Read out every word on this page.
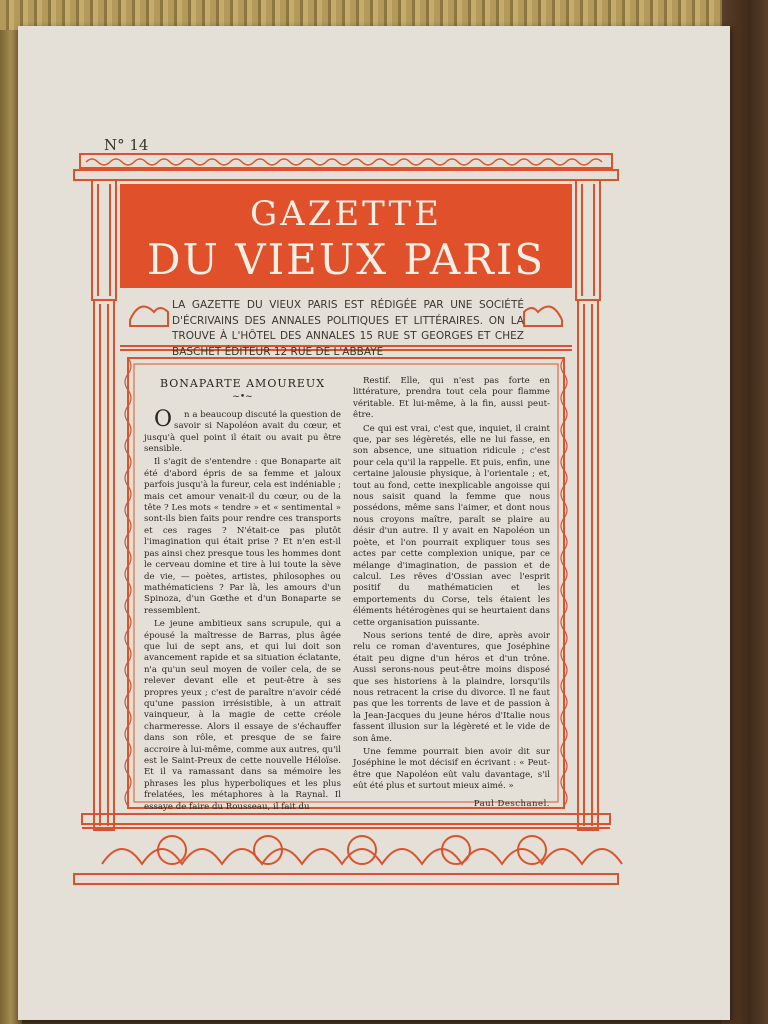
N° 14
GAZETTE
DU VIEUX PARIS
LA GAZETTE DU VIEUX PARIS EST RÉDIGÉE PAR UNE SOCIÉTÉ D'ÉCRIVAINS DES ANNALES POLITIQUES ET LITTÉRAIRES. ON LA TROUVE À L'HÔTEL DES ANNALES 15 RUE ST GEORGES ET CHEZ BASCHET ÉDITEUR 12 RUE DE L'ABBAYE
BONAPARTE AMOUREUX
~•~

O n a beaucoup discuté la question de savoir si Napoléon avait du cœur, et jusqu'à quel point il était ou avait pu être sensible.

Il s'agit de s'entendre : que Bonaparte ait été d'abord épris de sa femme et jaloux parfois jusqu'à la fureur, cela est indéniable ; mais cet amour venait-il du cœur, ou de la tête ? Les mots « tendre » et « sentimental » sont-ils bien faits pour rendre ces transports et ces rages ? N'était-ce pas plutôt l'imagination qui était prise ? Et n'en est-il pas ainsi chez presque tous les hommes dont le cerveau domine et tire à lui toute la sève de vie, — poètes, artistes, philosophes ou mathématiciens ? Par là, les amours d'un Spinoza, d'un Gœthe et d'un Bonaparte se ressemblent.

Le jeune ambitieux sans scrupule, qui a épousé la maîtresse de Barras, plus âgée que lui de sept ans, et qui lui doit son avancement rapide et sa situation éclatante, n'a qu'un seul moyen de voiler cela, de se relever devant elle et peut-être à ses propres yeux ; c'est de paraître n'avoir cédé qu'une passion irrésistible, à un attrait vainqueur, à la magie de cette créole charmeresse. Alors il essaye de s'échauffer dans son rôle, et presque de se faire accroire à lui-même, comme aux autres, qu'il est le Saint-Preux de cette nouvelle Héloïse. Et il va ramassant dans sa mémoire les phrases les plus hyperboliques et les plus frelatées, les métaphores à la Raynal. Il essaye de faire du Rousseau, il fait du

Restif. Elle, qui n'est pas forte en littérature, prendra tout cela pour flamme véritable. Et lui-même, à la fin, aussi peut-être.

Ce qui est vrai, c'est que, inquiet, il craint que, par ses légèretés, elle ne lui fasse, en son absence, une situation ridicule ; c'est pour cela qu'il la rappelle. Et puis, enfin, une certaine jalousie physique, à l'orientale ; et, tout au fond, cette inexplicable angoisse qui nous saisit quand la femme que nous possédons, même sans l'aimer, et dont nous nous croyons maître, paraît se plaire au désir d'un autre. Il y avait en Napoléon un poète, et l'on pourrait expliquer tous ses actes par cette complexion unique, par ce mélange d'imagination, de passion et de calcul. Les rêves d'Ossian avec l'esprit positif du mathématicien et les emportements du Corse, tels étaient les éléments hétérogènes qui se heurtaient dans cette organisation puissante.

Nous serions tenté de dire, après avoir relu ce roman d'aventures, que Joséphine était peu digne d'un héros et d'un trône. Aussi serons-nous peut-être moins disposé que ses historiens à la plaindre, lorsqu'ils nous retracent la crise du divorce. Il ne faut pas que les torrents de lave et de passion à la Jean-Jacques du jeune héros d'Italie nous fassent illusion sur la légèreté et le vide de son âme.

Une femme pourrait bien avoir dit sur Joséphine le mot décisif en écrivant : « Peut-être que Napoléon eût valu davantage, s'il eût été plus et surtout mieux aimé. »

Paul Deschanel.
